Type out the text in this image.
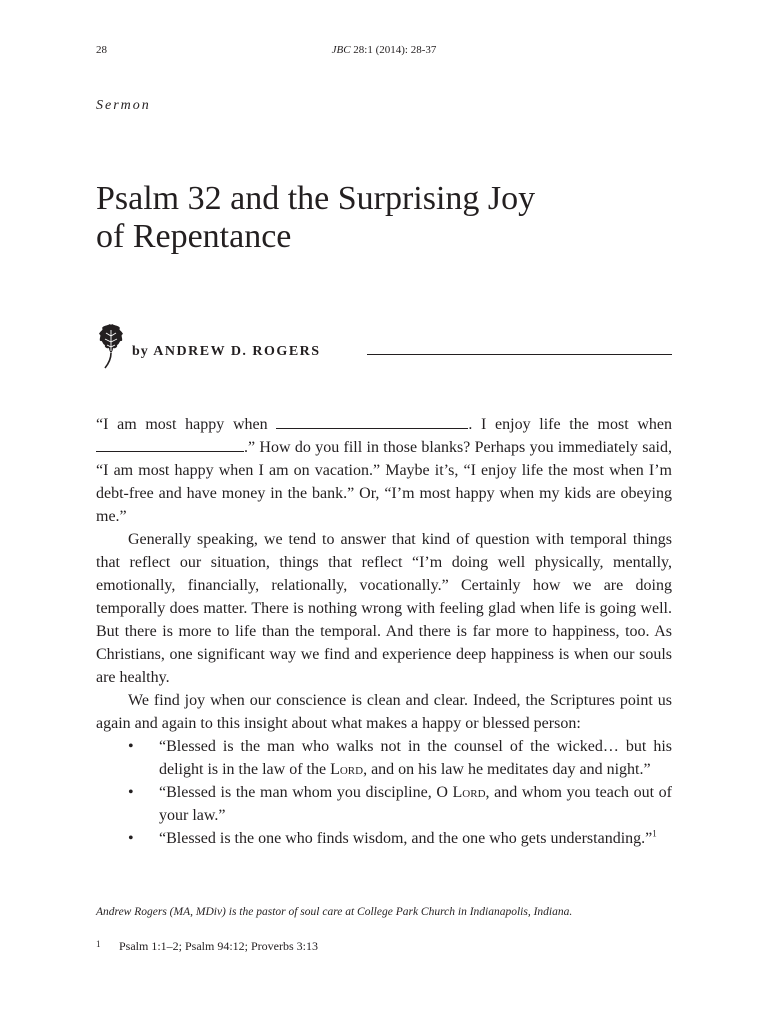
28	JBC 28:1 (2014): 28-37
Sermon
Psalm 32 and the Surprising Joy
of Repentance
by ANDREW D. ROGERS

“I am most happy when	. I enjoy life the most when.” How do you fill in those blanks? Perhaps you immediately said, “I am most happy when I am on vacation.” Maybe it’s, “I enjoy life the most when I’m debt-free and have money in the bank.” Or, “I’m most happy when my kids are obeying me.”

Generally speaking, we tend to answer that kind of question with temporal things that reflect our situation, things that reflect “I’m doing well physically, mentally, emotionally, financially, relationally, vocationally.” Certainly how we are doing temporally does matter. There is nothing wrong with feeling glad when life is going well. But there is more to life than the temporal. And there is far more to happiness, too. As Christians, one significant way we find and experience deep happiness is when our souls are healthy.

We find joy when our conscience is clean and clear. Indeed, the Scriptures point us again and again to this insight about what makes a happy or blessed person:

• “Blessed is the man who walks not in the counsel of the wicked… but his delight is in the law of the Lord, and on his law he meditates day and night.”
• “Blessed is the man whom you discipline, O Lord, and whom you teach out of your law.”
• “Blessed is the one who finds wisdom, and the one who gets understanding.”$^1$
Andrew Rogers (MA, MDiv) is the pastor of soul care at College Park Church in Indianapolis, Indiana.
1 Psalm 1:1–2; Psalm 94:12; Proverbs 3:13
